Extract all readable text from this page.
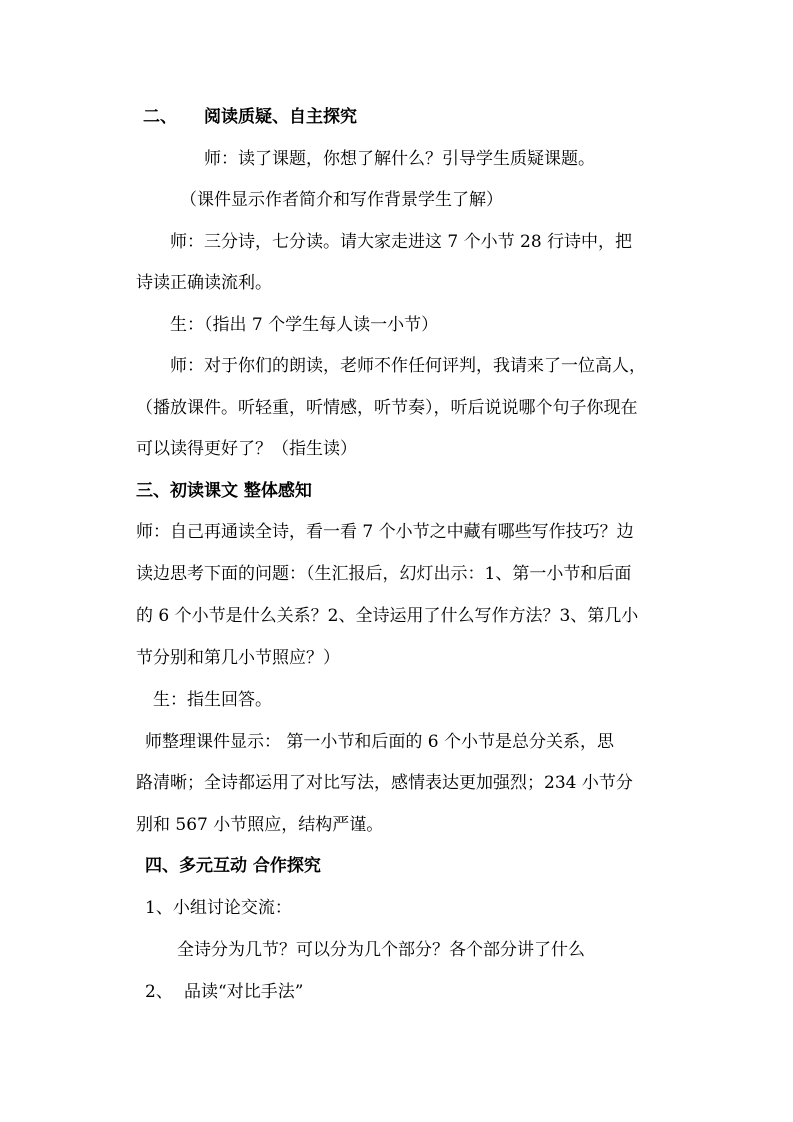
二、 阅读质疑、自主探究
师：读了课题，你想了解什么？引导学生质疑课题。
（课件显示作者简介和写作背景学生了解）
师：三分诗，七分读。请大家走进这 7 个小节 28 行诗中，把
诗读正确读流利。
生：（指出 7 个学生每人读一小节）
师：对于你们的朗读，老师不作任何评判，我请来了一位高人，
（播放课件。听轻重，听情感，听节奏），听后说说哪个句子你现在
可以读得更好了？（指生读）
三、初读课文 整体感知
师：自己再通读全诗，看一看 7 个小节之中藏有哪些写作技巧？边
读边思考下面的问题：（生汇报后，幻灯出示：1、第一小节和后面
的 6 个小节是什么关系？2、全诗运用了什么写作方法？3、第几小
节分别和第几小节照应？）
生：指生回答。
师整理课件显示： 第一小节和后面的 6 个小节是总分关系，思
路清晰；全诗都运用了对比写法，感情表达更加强烈；234 小节分
别和 567 小节照应，结构严谨。
四、多元互动 合作探究
1、小组讨论交流：
全诗分为几节？可以分为几个部分？各个部分讲了什么
2、 品读“对比手法”
